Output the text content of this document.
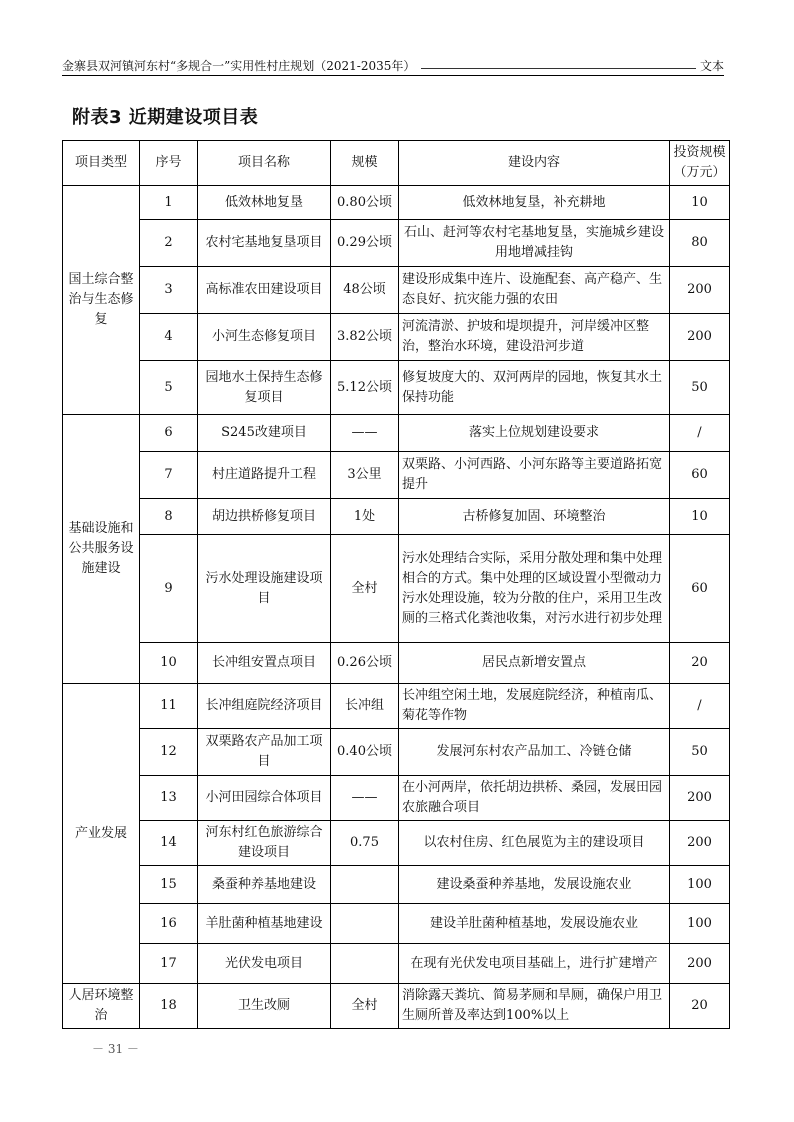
金寨县双河镇河东村“多规合一”实用性村庄规划（2021-2035年）	文本
附表3 近期建设项目表
项目类型	序号	项目名称	规模	建设内容	投资规模（万元）
国土综合整治与生态修复	1	低效林地复垦	0.80公顷	低效林地复垦，补充耕地	10
	2	农村宅基地复垦项目	0.29公顷	石山、赶河等农村宅基地复垦，实施城乡建设用地增减挂钩	80
	3	高标准农田建设项目	48公顷	建设形成集中连片、设施配套、高产稳产、生态良好、抗灾能力强的农田	200
	4	小河生态修复项目	3.82公顷	河流清淤、护坡和堤坝提升，河岸缓冲区整治，整治水环境，建设沿河步道	200
	5	园地水土保持生态修复项目	5.12公顷	修复坡度大的、双河两岸的园地，恢复其水土保持功能	50
基础设施和公共服务设施建设	6	S245改建项目	——	落实上位规划建设要求	/
	7	村庄道路提升工程	3公里	双栗路、小河西路、小河东路等主要道路拓宽提升	60
	8	胡边拱桥修复项目	1处	古桥修复加固、环境整治	10
	9	污水处理设施建设项目	全村	污水处理结合实际，采用分散处理和集中处理相合的方式。集中处理的区域设置小型微动力污水处理设施，较为分散的住户，采用卫生改厕的三格式化粪池收集，对污水进行初步处理	60
	10	长冲组安置点项目	0.26公顷	居民点新增安置点	20
产业发展	11	长冲组庭院经济项目	长冲组	长冲组空闲土地，发展庭院经济，种植南瓜、菊花等作物	/
	12	双栗路农产品加工项目	0.40公顷	发展河东村农产品加工、冷链仓储	50
	13	小河田园综合体项目	——	在小河两岸，依托胡边拱桥、桑园，发展田园农旅融合项目	200
	14	河东村红色旅游综合建设项目	0.75	以农村住房、红色展览为主的建设项目	200
	15	桑蚕种养基地建设		建设桑蚕种养基地，发展设施农业	100
	16	羊肚菌种植基地建设		建设羊肚菌种植基地，发展设施农业	100
	17	光伏发电项目		在现有光伏发电项目基础上，进行扩建增产	200
人居环境整治	18	卫生改厕	全村	消除露天粪坑、简易茅厕和旱厕，确保户用卫生厕所普及率达到100%以上	20
－ 31 －
